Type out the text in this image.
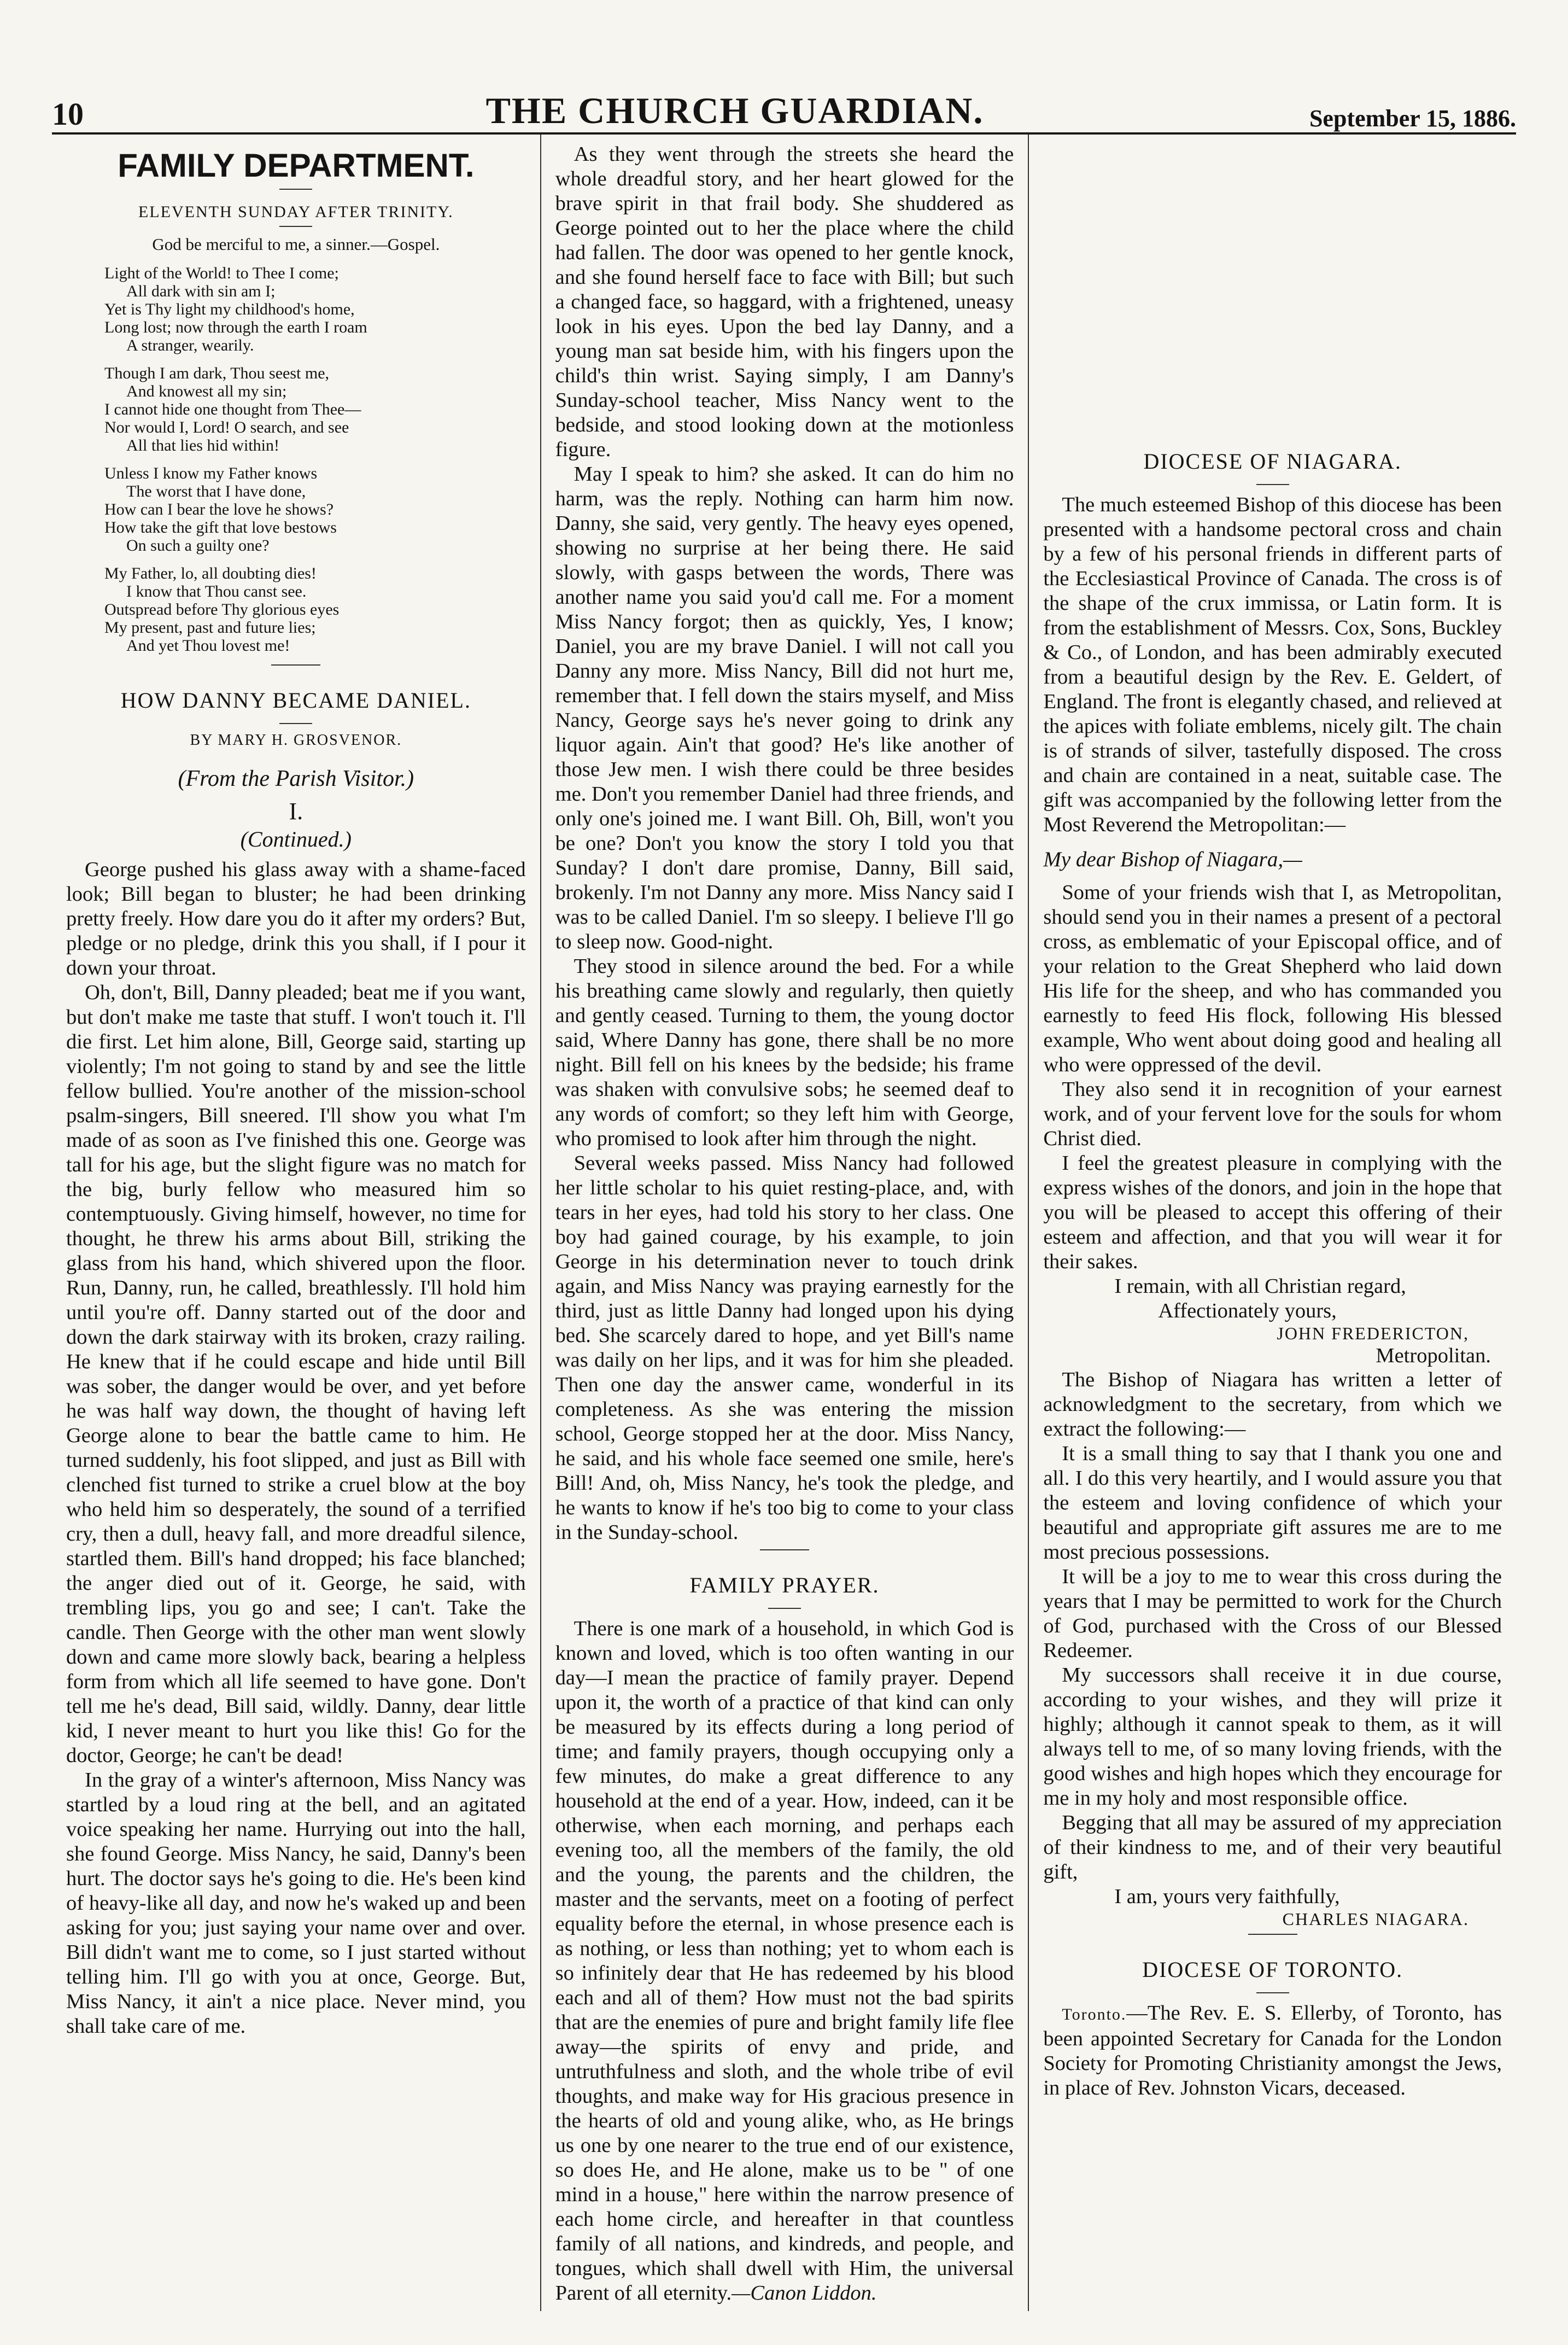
10	THE CHURCH GUARDIAN.	September 15, 1886.
FAMILY DEPARTMENT.
ELEVENTH SUNDAY AFTER TRINITY.
God be merciful to me, a sinner.—Gospel.
Light of the World! to Thee I come;
All dark with sin am I;
Yet is Thy light my childhood's home,
Long lost; now through the earth I roam
A stranger, wearily.
Though I am dark, Thou seest me,
And knowest all my sin;
I cannot hide one thought from Thee—
Nor would I, Lord! O search, and see
All that lies hid within!
Unless I know my Father knows
The worst that I have done,
How can I bear the love he shows?
How take the gift that love bestows
On such a guilty one?
My Father, lo, all doubting dies!
I know that Thou canst see.
Outspread before Thy glorious eyes
My present, past and future lies;
And yet Thou lovest me!
HOW DANNY BECAME DANIEL.
BY MARY H. GROSVENOR.
(From the Parish Visitor.)
I.
(Continued.)

George pushed his glass away with a shame-faced look; Bill began to bluster; he had been drinking pretty freely. How dare you do it after my orders? But, pledge or no pledge, drink this you shall, if I pour it down your throat.

Oh, don't, Bill, Danny pleaded; beat me if you want, but don't make me taste that stuff. I won't touch it. I'll die first. Let him alone, Bill, George said, starting up violently; I'm not going to stand by and see the little fellow bullied. You're another of the mission-school psalm-singers, Bill sneered. I'll show you what I'm made of as soon as I've finished this one. George was tall for his age, but the slight figure was no match for the big, burly fellow who measured him so contemptuously. Giving himself, however, no time for thought, he threw his arms about Bill, striking the glass from his hand, which shivered upon the floor. Run, Danny, run, he called, breathlessly. I'll hold him until you're off. Danny started out of the door and down the dark stairway with its broken, crazy railing. He knew that if he could escape and hide until Bill was sober, the danger would be over, and yet before he was half way down, the thought of having left George alone to bear the battle came to him. He turned suddenly, his foot slipped, and just as Bill with clenched fist turned to strike a cruel blow at the boy who held him so desperately, the sound of a terrified cry, then a dull, heavy fall, and more dreadful silence, startled them. Bill's hand dropped; his face blanched; the anger died out of it. George, he said, with trembling lips, you go and see; I can't. Take the candle. Then George with the other man went slowly down and came more slowly back, bearing a helpless form from which all life seemed to have gone. Don't tell me he's dead, Bill said, wildly. Danny, dear little kid, I never meant to hurt you like this! Go for the doctor, George; he can't be dead!

In the gray of a winter's afternoon, Miss Nancy was startled by a loud ring at the bell, and an agitated voice speaking her name. Hurrying out into the hall, she found George. Miss Nancy, he said, Danny's been hurt. The doctor says he's going to die. He's been kind of heavy-like all day, and now he's waked up and been asking for you; just saying your name over and over. Bill didn't want me to come, so I just started without telling him. I'll go with you at once, George. But, Miss Nancy, it ain't a nice place. Never mind, you shall take care of me.

As they went through the streets she heard the whole dreadful story, and her heart glowed for the brave spirit in that frail body. She shuddered as George pointed out to her the place where the child had fallen. The door was opened to her gentle knock, and she found herself face to face with Bill; but such a changed face, so haggard, with a frightened, uneasy look in his eyes. Upon the bed lay Danny, and a young man sat beside him, with his fingers upon the child's thin wrist. Saying simply, I am Danny's Sunday-school teacher, Miss Nancy went to the bedside, and stood looking down at the motionless figure.

May I speak to him? she asked. It can do him no harm, was the reply. Nothing can harm him now. Danny, she said, very gently. The heavy eyes opened, showing no surprise at her being there. He said slowly, with gasps between the words, There was another name you said you'd call me. For a moment Miss Nancy forgot; then as quickly, Yes, I know; Daniel, you are my brave Daniel. I will not call you Danny any more. Miss Nancy, Bill did not hurt me, remember that. I fell down the stairs myself, and Miss Nancy, George says he's never going to drink any liquor again. Ain't that good? He's like another of those Jew men. I wish there could be three besides me. Don't you remember Daniel had three friends, and only one's joined me. I want Bill. Oh, Bill, won't you be one? Don't you know the story I told you that Sunday? I don't dare promise, Danny, Bill said, brokenly. I'm not Danny any more. Miss Nancy said I was to be called Daniel. I'm so sleepy. I believe I'll go to sleep now. Good-night.

They stood in silence around the bed. For a while his breathing came slowly and regularly, then quietly and gently ceased. Turning to them, the young doctor said, Where Danny has gone, there shall be no more night. Bill fell on his knees by the bedside; his frame was shaken with convulsive sobs; he seemed deaf to any words of comfort; so they left him with George, who promised to look after him through the night.

Several weeks passed. Miss Nancy had followed her little scholar to his quiet resting-place, and, with tears in her eyes, had told his story to her class. One boy had gained courage, by his example, to join George in his determination never to touch drink again, and Miss Nancy was praying earnestly for the third, just as little Danny had longed upon his dying bed. She scarcely dared to hope, and yet Bill's name was daily on her lips, and it was for him she pleaded. Then one day the answer came, wonderful in its completeness. As she was entering the mission school, George stopped her at the door. Miss Nancy, he said, and his whole face seemed one smile, here's Bill! And, oh, Miss Nancy, he's took the pledge, and he wants to know if he's too big to come to your class in the Sunday-school.

FAMILY PRAYER.

There is one mark of a household, in which God is known and loved, which is too often wanting in our day—I mean the practice of family prayer. Depend upon it, the worth of a practice of that kind can only be measured by its effects during a long period of time; and family prayers, though occupying only a few minutes, do make a great difference to any household at the end of a year. How, indeed, can it be otherwise, when each morning, and perhaps each evening too, all the members of the family, the old and the young, the parents and the children, the master and the servants, meet on a footing of perfect equality before the eternal, in whose presence each is as nothing, or less than nothing; yet to whom each is so infinitely dear that He has redeemed by his blood each and all of them? How must not the bad spirits that are the enemies of pure and bright family life flee away—the spirits of envy and pride, and untruthfulness and sloth, and the whole tribe of evil thoughts, and make way for His gracious presence in the hearts of old and young alike, who, as He brings us one by one nearer to the true end of our existence, so does He, and He alone, make us to be " of one mind in a house," here within the narrow presence of each home circle, and hereafter in that countless family of all nations, and kindreds, and people, and tongues, which shall dwell with Him, the universal Parent of all eternity.—Canon Liddon.

DIOCESE OF NIAGARA.

The much esteemed Bishop of this diocese has been presented with a handsome pectoral cross and chain by a few of his personal friends in different parts of the Ecclesiastical Province of Canada. The cross is of the shape of the crux immissa, or Latin form. It is from the establishment of Messrs. Cox, Sons, Buckley & Co., of London, and has been admirably executed from a beautiful design by the Rev. E. Geldert, of England. The front is elegantly chased, and relieved at the apices with foliate emblems, nicely gilt. The chain is of strands of silver, tastefully disposed. The cross and chain are contained in a neat, suitable case. The gift was accompanied by the following letter from the Most Reverend the Metropolitan:—

My dear Bishop of Niagara,—

Some of your friends wish that I, as Metropolitan, should send you in their names a present of a pectoral cross, as emblematic of your Episcopal office, and of your relation to the Great Shepherd who laid down His life for the sheep, and who has commanded you earnestly to feed His flock, following His blessed example, Who went about doing good and healing all who were oppressed of the devil.

They also send it in recognition of your earnest work, and of your fervent love for the souls for whom Christ died.

I feel the greatest pleasure in complying with the express wishes of the donors, and join in the hope that you will be pleased to accept this offering of their esteem and affection, and that you will wear it for their sakes.

I remain, with all Christian regard,
Affectionately yours,
JOHN FREDERICTON,
Metropolitan.

The Bishop of Niagara has written a letter of acknowledgment to the secretary, from which we extract the following:—

It is a small thing to say that I thank you one and all. I do this very heartily, and I would assure you that the esteem and loving confidence of which your beautiful and appropriate gift assures me are to me most precious possessions.

It will be a joy to me to wear this cross during the years that I may be permitted to work for the Church of God, purchased with the Cross of our Blessed Redeemer.

My successors shall receive it in due course, according to your wishes, and they will prize it highly; although it cannot speak to them, as it will always tell to me, of so many loving friends, with the good wishes and high hopes which they encourage for me in my holy and most responsible office.

Begging that all may be assured of my appreciation of their kindness to me, and of their very beautiful gift,

I am, yours very faithfully,
CHARLES NIAGARA.
DIOCESE OF TORONTO.

Toronto.—The Rev. E. S. Ellerby, of Toronto, has been appointed Secretary for Canada for the London Society for Promoting Christianity amongst the Jews, in place of Rev. Johnston Vicars, deceased.
